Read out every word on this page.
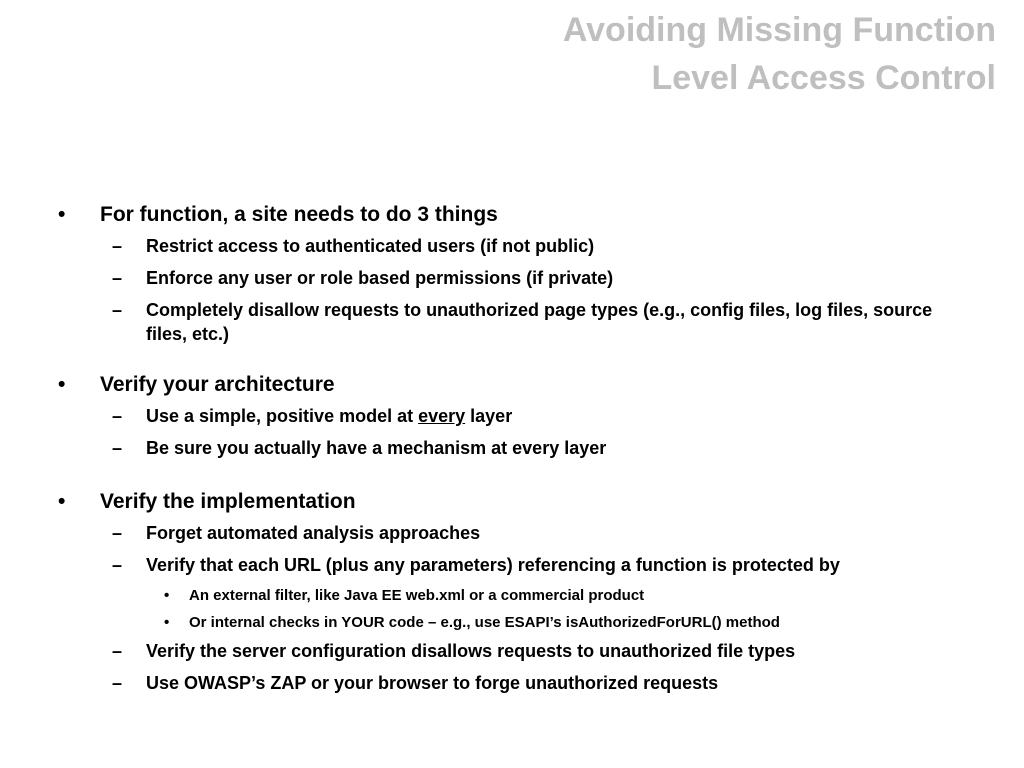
Avoiding Missing Function
Level Access Control
• For function, a site needs to do 3 things
– Restrict access to authenticated users (if not public)
– Enforce any user or role based permissions (if private)
– Completely disallow requests to unauthorized page types (e.g., config files, log files, source files, etc.)
• Verify your architecture
– Use a simple, positive model at every layer
– Be sure you actually have a mechanism at every layer
• Verify the implementation
– Forget automated analysis approaches
– Verify that each URL (plus any parameters) referencing a function is protected by
• An external filter, like Java EE web.xml or a commercial product
• Or internal checks in YOUR code – e.g., use ESAPI’s isAuthorizedForURL() method
– Verify the server configuration disallows requests to unauthorized file types
– Use OWASP’s ZAP or your browser to forge unauthorized requests
